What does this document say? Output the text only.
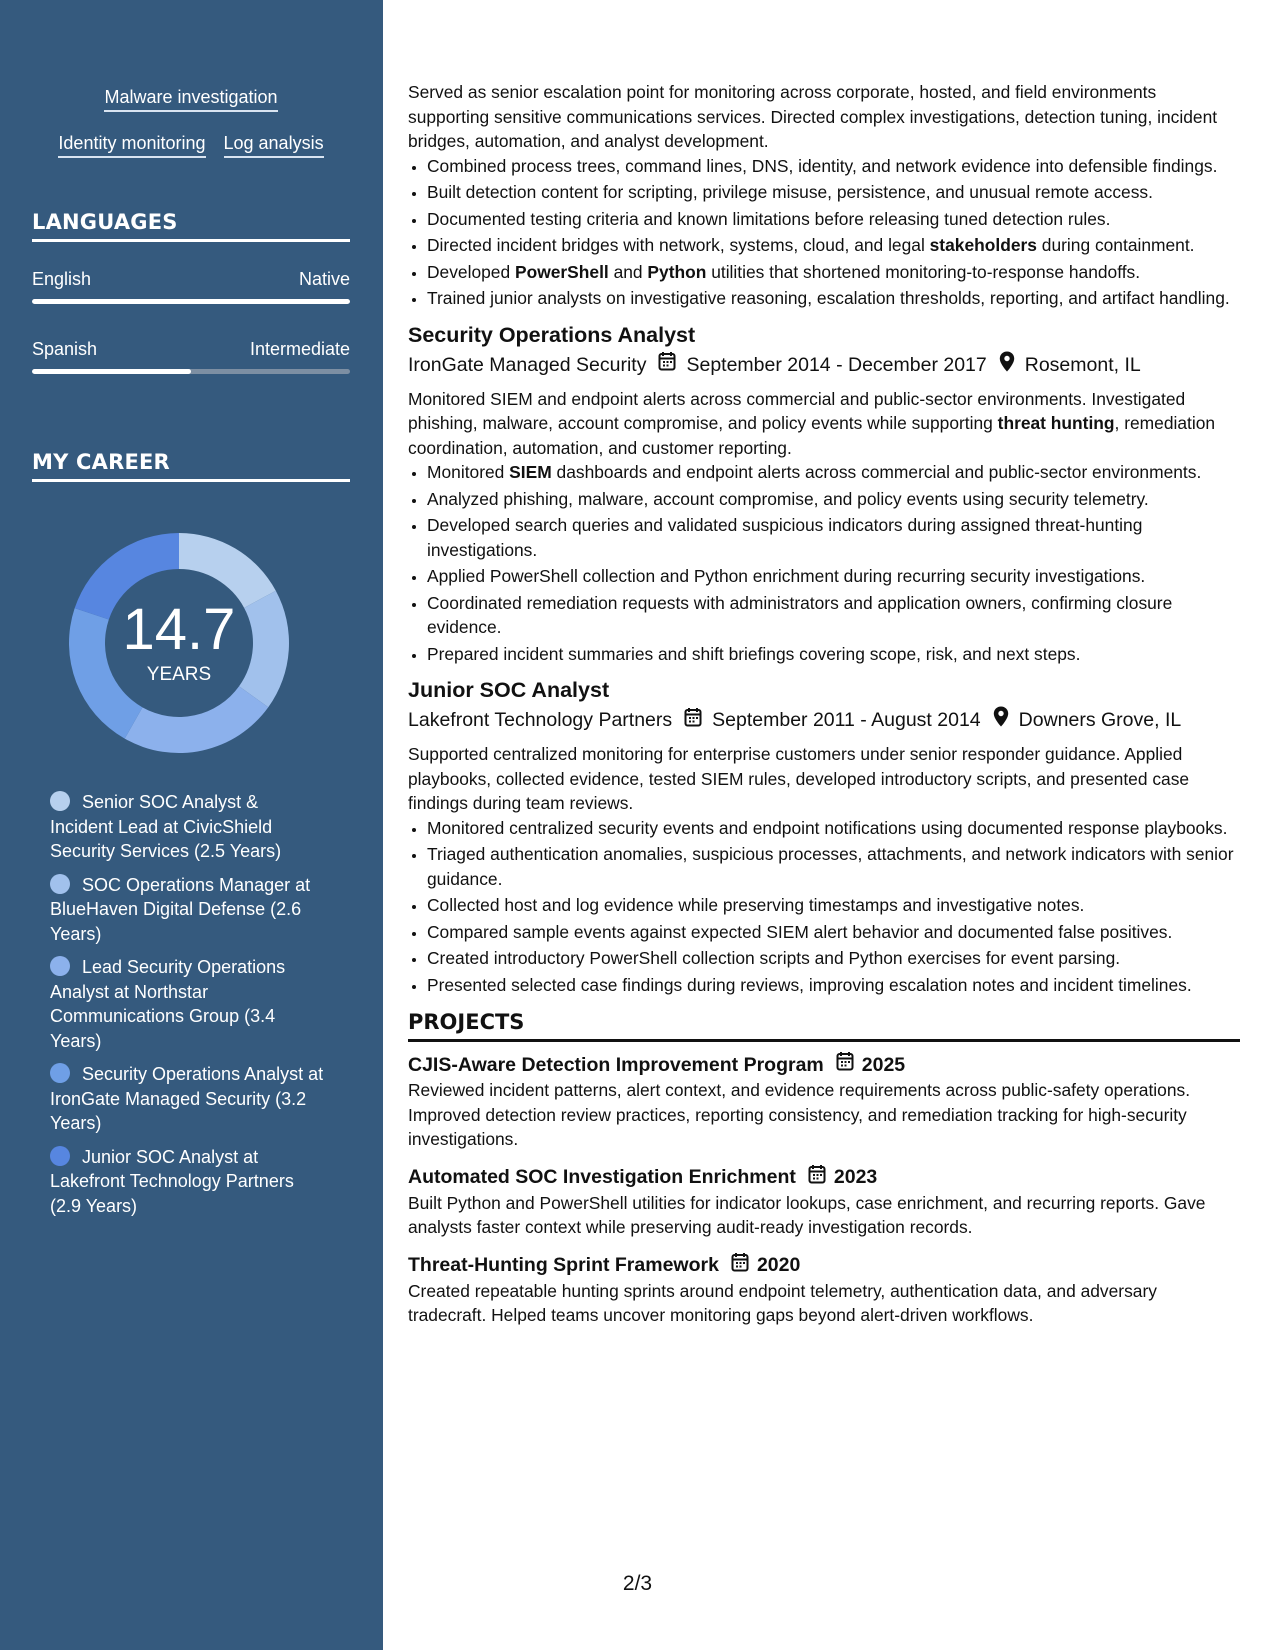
Malware investigation
Identity monitoring Log analysis
LANGUAGES
English	Native
Spanish	Intermediate
MY CAREER
14.7
YEARS
Senior SOC Analyst & Incident Lead at CivicShield Security Services (2.5 Years)
SOC Operations Manager at BlueHaven Digital Defense (2.6 Years)
Lead Security Operations Analyst at Northstar Communications Group (3.4 Years)
Security Operations Analyst at IronGate Managed Security (3.2 Years)
Junior SOC Analyst at Lakefront Technology Partners (2.9 Years)

Served as senior escalation point for monitoring across corporate, hosted, and field environments supporting sensitive communications services. Directed complex investigations, detection tuning, incident bridges, automation, and analyst development.

• Combined process trees, command lines, DNS, identity, and network evidence into defensible findings.
• Built detection content for scripting, privilege misuse, persistence, and unusual remote access.
• Documented testing criteria and known limitations before releasing tuned detection rules.
• Directed incident bridges with network, systems, cloud, and legal stakeholders during containment.
• Developed PowerShell and Python utilities that shortened monitoring-to-response handoffs.
• Trained junior analysts on investigative reasoning, escalation thresholds, reporting, and artifact handling.
Security Operations Analyst
IronGate Managed Security September 2014 - December 2017 Rosemont, IL

Monitored SIEM and endpoint alerts across commercial and public-sector environments. Investigated phishing, malware, account compromise, and policy events while supporting threat hunting, remediation coordination, automation, and customer reporting.

• Monitored SIEM dashboards and endpoint alerts across commercial and public-sector environments.
• Analyzed phishing, malware, account compromise, and policy events using security telemetry.
• Developed search queries and validated suspicious indicators during assigned threat-hunting investigations.
• Applied PowerShell collection and Python enrichment during recurring security investigations.
• Coordinated remediation requests with administrators and application owners, confirming closure evidence.
• Prepared incident summaries and shift briefings covering scope, risk, and next steps.
Junior SOC Analyst
Lakefront Technology Partners September 2011 - August 2014 Downers Grove, IL

Supported centralized monitoring for enterprise customers under senior responder guidance. Applied playbooks, collected evidence, tested SIEM rules, developed introductory scripts, and presented case findings during team reviews.

• Monitored centralized security events and endpoint notifications using documented response playbooks.
• Triaged authentication anomalies, suspicious processes, attachments, and network indicators with senior guidance.
• Collected host and log evidence while preserving timestamps and investigative notes.
• Compared sample events against expected SIEM alert behavior and documented false positives.
• Created introductory PowerShell collection scripts and Python exercises for event parsing.
• Presented selected case findings during reviews, improving escalation notes and incident timelines.
PROJECTS
CJIS-Aware Detection Improvement Program 2025

Reviewed incident patterns, alert context, and evidence requirements across public-safety operations. Improved detection review practices, reporting consistency, and remediation tracking for high-security investigations.

Automated SOC Investigation Enrichment 2023

Built Python and PowerShell utilities for indicator lookups, case enrichment, and recurring reports. Gave analysts faster context while preserving audit-ready investigation records.

Threat-Hunting Sprint Framework 2020

Created repeatable hunting sprints around endpoint telemetry, authentication data, and adversary tradecraft. Helped teams uncover monitoring gaps beyond alert-driven workflows.

2/3
